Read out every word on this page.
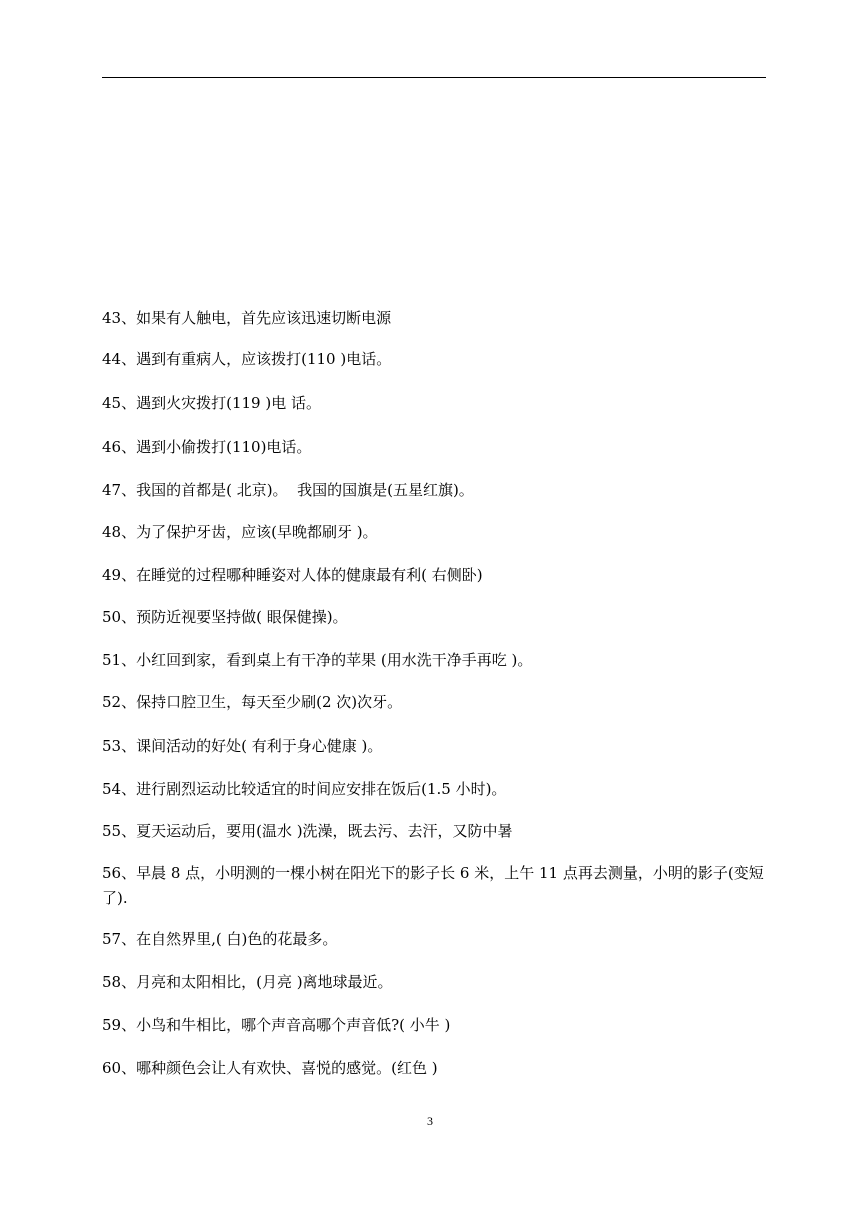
43、如果有人触电，首先应该迅速切断电源
44、遇到有重病人，应该拨打(110 )电话。
45、遇到火灾拨打(119 )电 话。
46、遇到小偷拨打(110)电话。
47、我国的首都是( 北京)。  我国的国旗是(五星红旗)。
48、为了保护牙齿，应该(早晚都刷牙 )。
49、在睡觉的过程哪种睡姿对人体的健康最有利( 右侧卧)
50、预防近视要坚持做( 眼保健操)。
51、小红回到家，看到桌上有干净的苹果 (用水洗干净手再吃 )。
52、保持口腔卫生，每天至少刷(2 次)次牙。
53、课间活动的好处( 有利于身心健康 )。
54、进行剧烈运动比较适宜的时间应安排在饭后(1.5 小时)。
55、夏天运动后，要用(温水 )洗澡，既去污、去汗，又防中暑
56、早晨 8 点，小明测的一棵小树在阳光下的影子长 6 米，上午 11 点再去测量，小明的影子(变短了).
57、在自然界里,( 白)色的花最多。
58、月亮和太阳相比，(月亮 )离地球最近。
59、小鸟和牛相比，哪个声音高哪个声音低?( 小牛 )
60、哪种颜色会让人有欢快、喜悦的感觉。(红色 )
3
